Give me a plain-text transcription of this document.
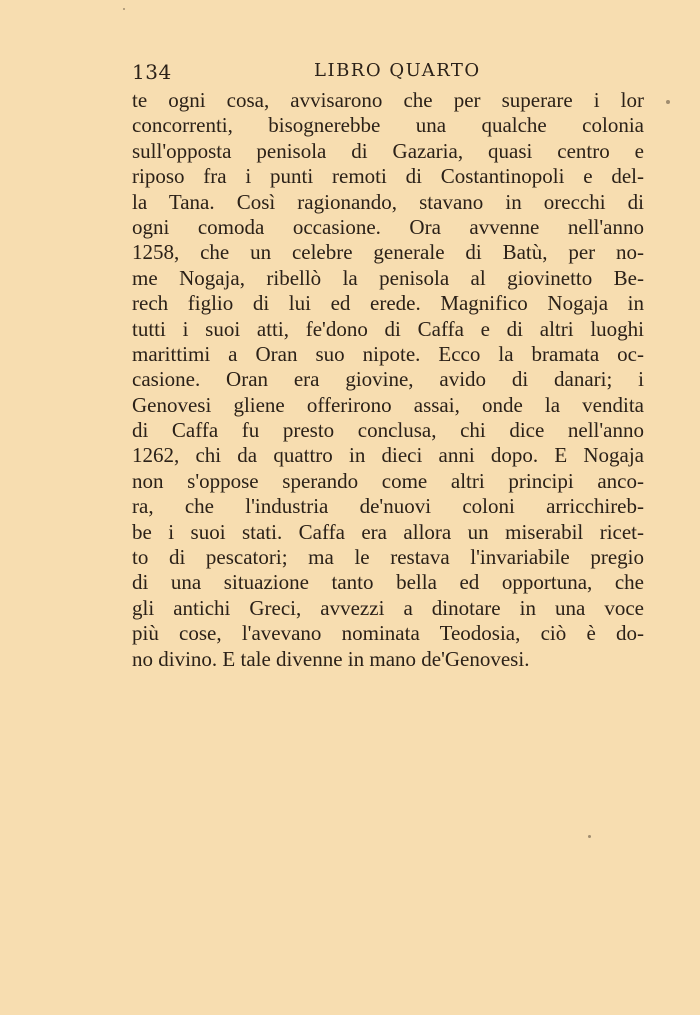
134	LIBRO QUARTO
te ogni cosa, avvisarono che per superare i lor
concorrenti, bisognerebbe una qualche colonia
sull'opposta penisola di Gazaria, quasi centro e
riposo fra i punti remoti di Costantinopoli e del-
la Tana. Così ragionando, stavano in orecchi di
ogni comoda occasione. Ora avvenne nell'anno
1258, che un celebre generale di Batù, per no-
me Nogaja, ribellò la penisola al giovinetto Be-
rech figlio di lui ed erede. Magnifico Nogaja in
tutti i suoi atti, fe'dono di Caffa e di altri luoghi
marittimi a Oran suo nipote. Ecco la bramata oc-
casione. Oran era giovine, avido di danari; i
Genovesi gliene offerirono assai, onde la vendita
di Caffa fu presto conclusa, chi dice nell'anno
1262, chi da quattro in dieci anni dopo. E Nogaja
non s'oppose sperando come altri principi anco-
ra, che l'industria de'nuovi coloni arricchireb-
be i suoi stati. Caffa era allora un miserabil ricet-
to di pescatori; ma le restava l'invariabile pregio
di una situazione tanto bella ed opportuna, che
gli antichi Greci, avvezzi a dinotare in una voce
più cose, l'avevano nominata Teodosia, ciò è do-
no divino. E tale divenne in mano de'Genovesi.
